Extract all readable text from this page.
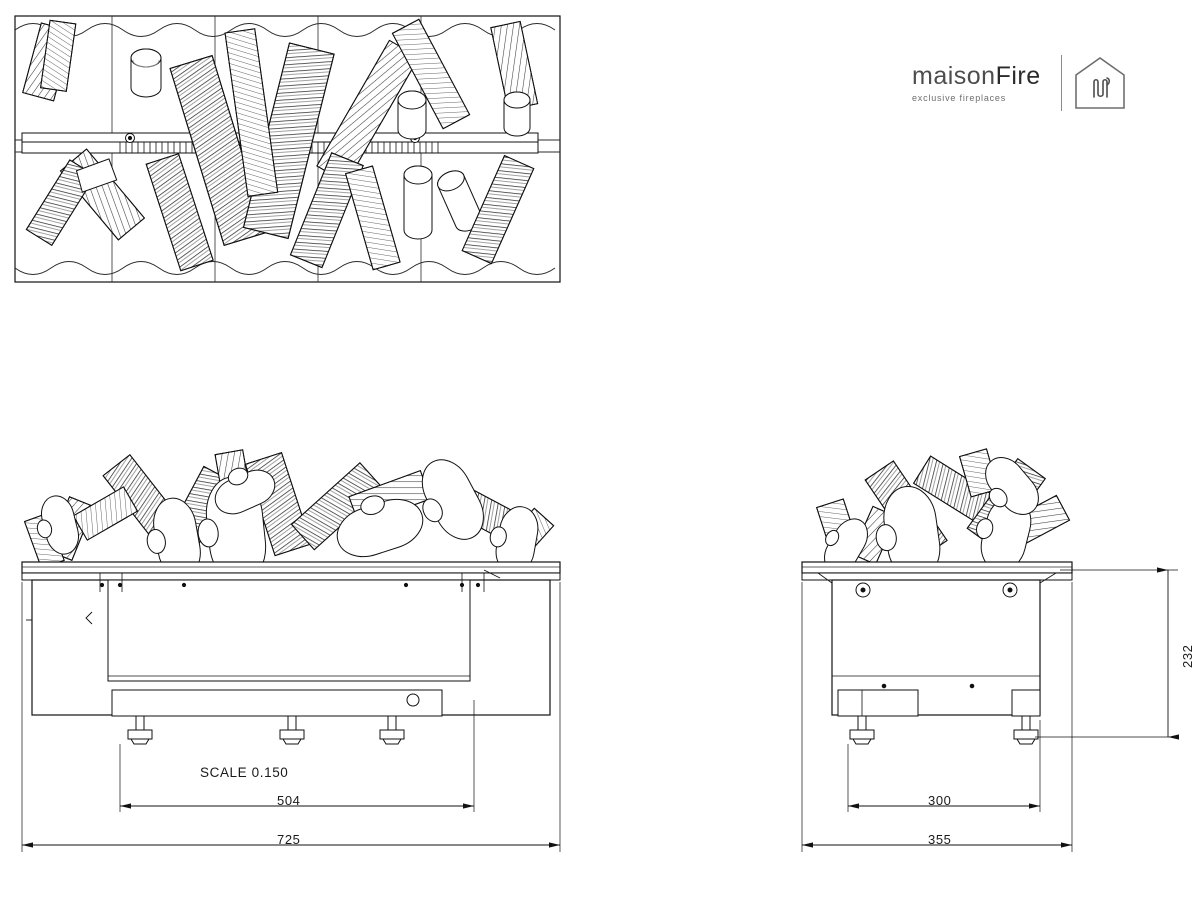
maisonFire
exclusive fireplaces
SCALE 0.150
504
725
300
355
232
